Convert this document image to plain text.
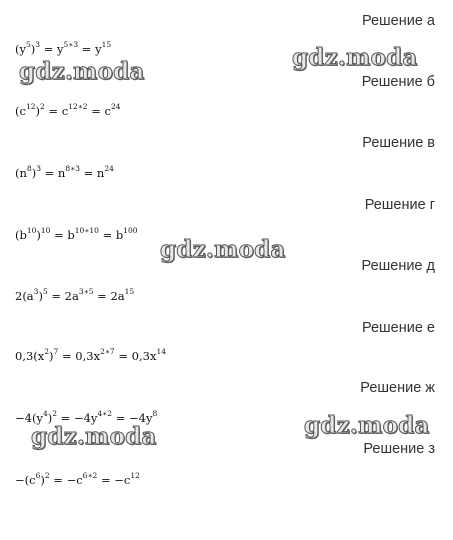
Решение а
Решение б
Решение в
Решение г
Решение д
Решение е
Решение ж
Решение з
$(y^5)^3 = y^{5∗3} = y^{15}$
$(c^{12})^2 = c^{12∗2} = c^{24}$
$(n^8)^3 = n^{8∗3} = n^{24}$
$(b^{10})^{10} = b^{10∗10} = b^{100}$
$2(a^3)^5 = 2a^{3∗5} = 2a^{15}$
$0,3(x^2)^7 = 0,3x^{2∗7} = 0,3x^{14}$
$-4(y^4)^2 = -4y^{4∗2} = -4y^8$
$-(c^6)^2 = -c^{6∗2} = -c^{12}$
gdz.moda
gdz.moda
gdz.moda
gdz.moda	gdz.moda
